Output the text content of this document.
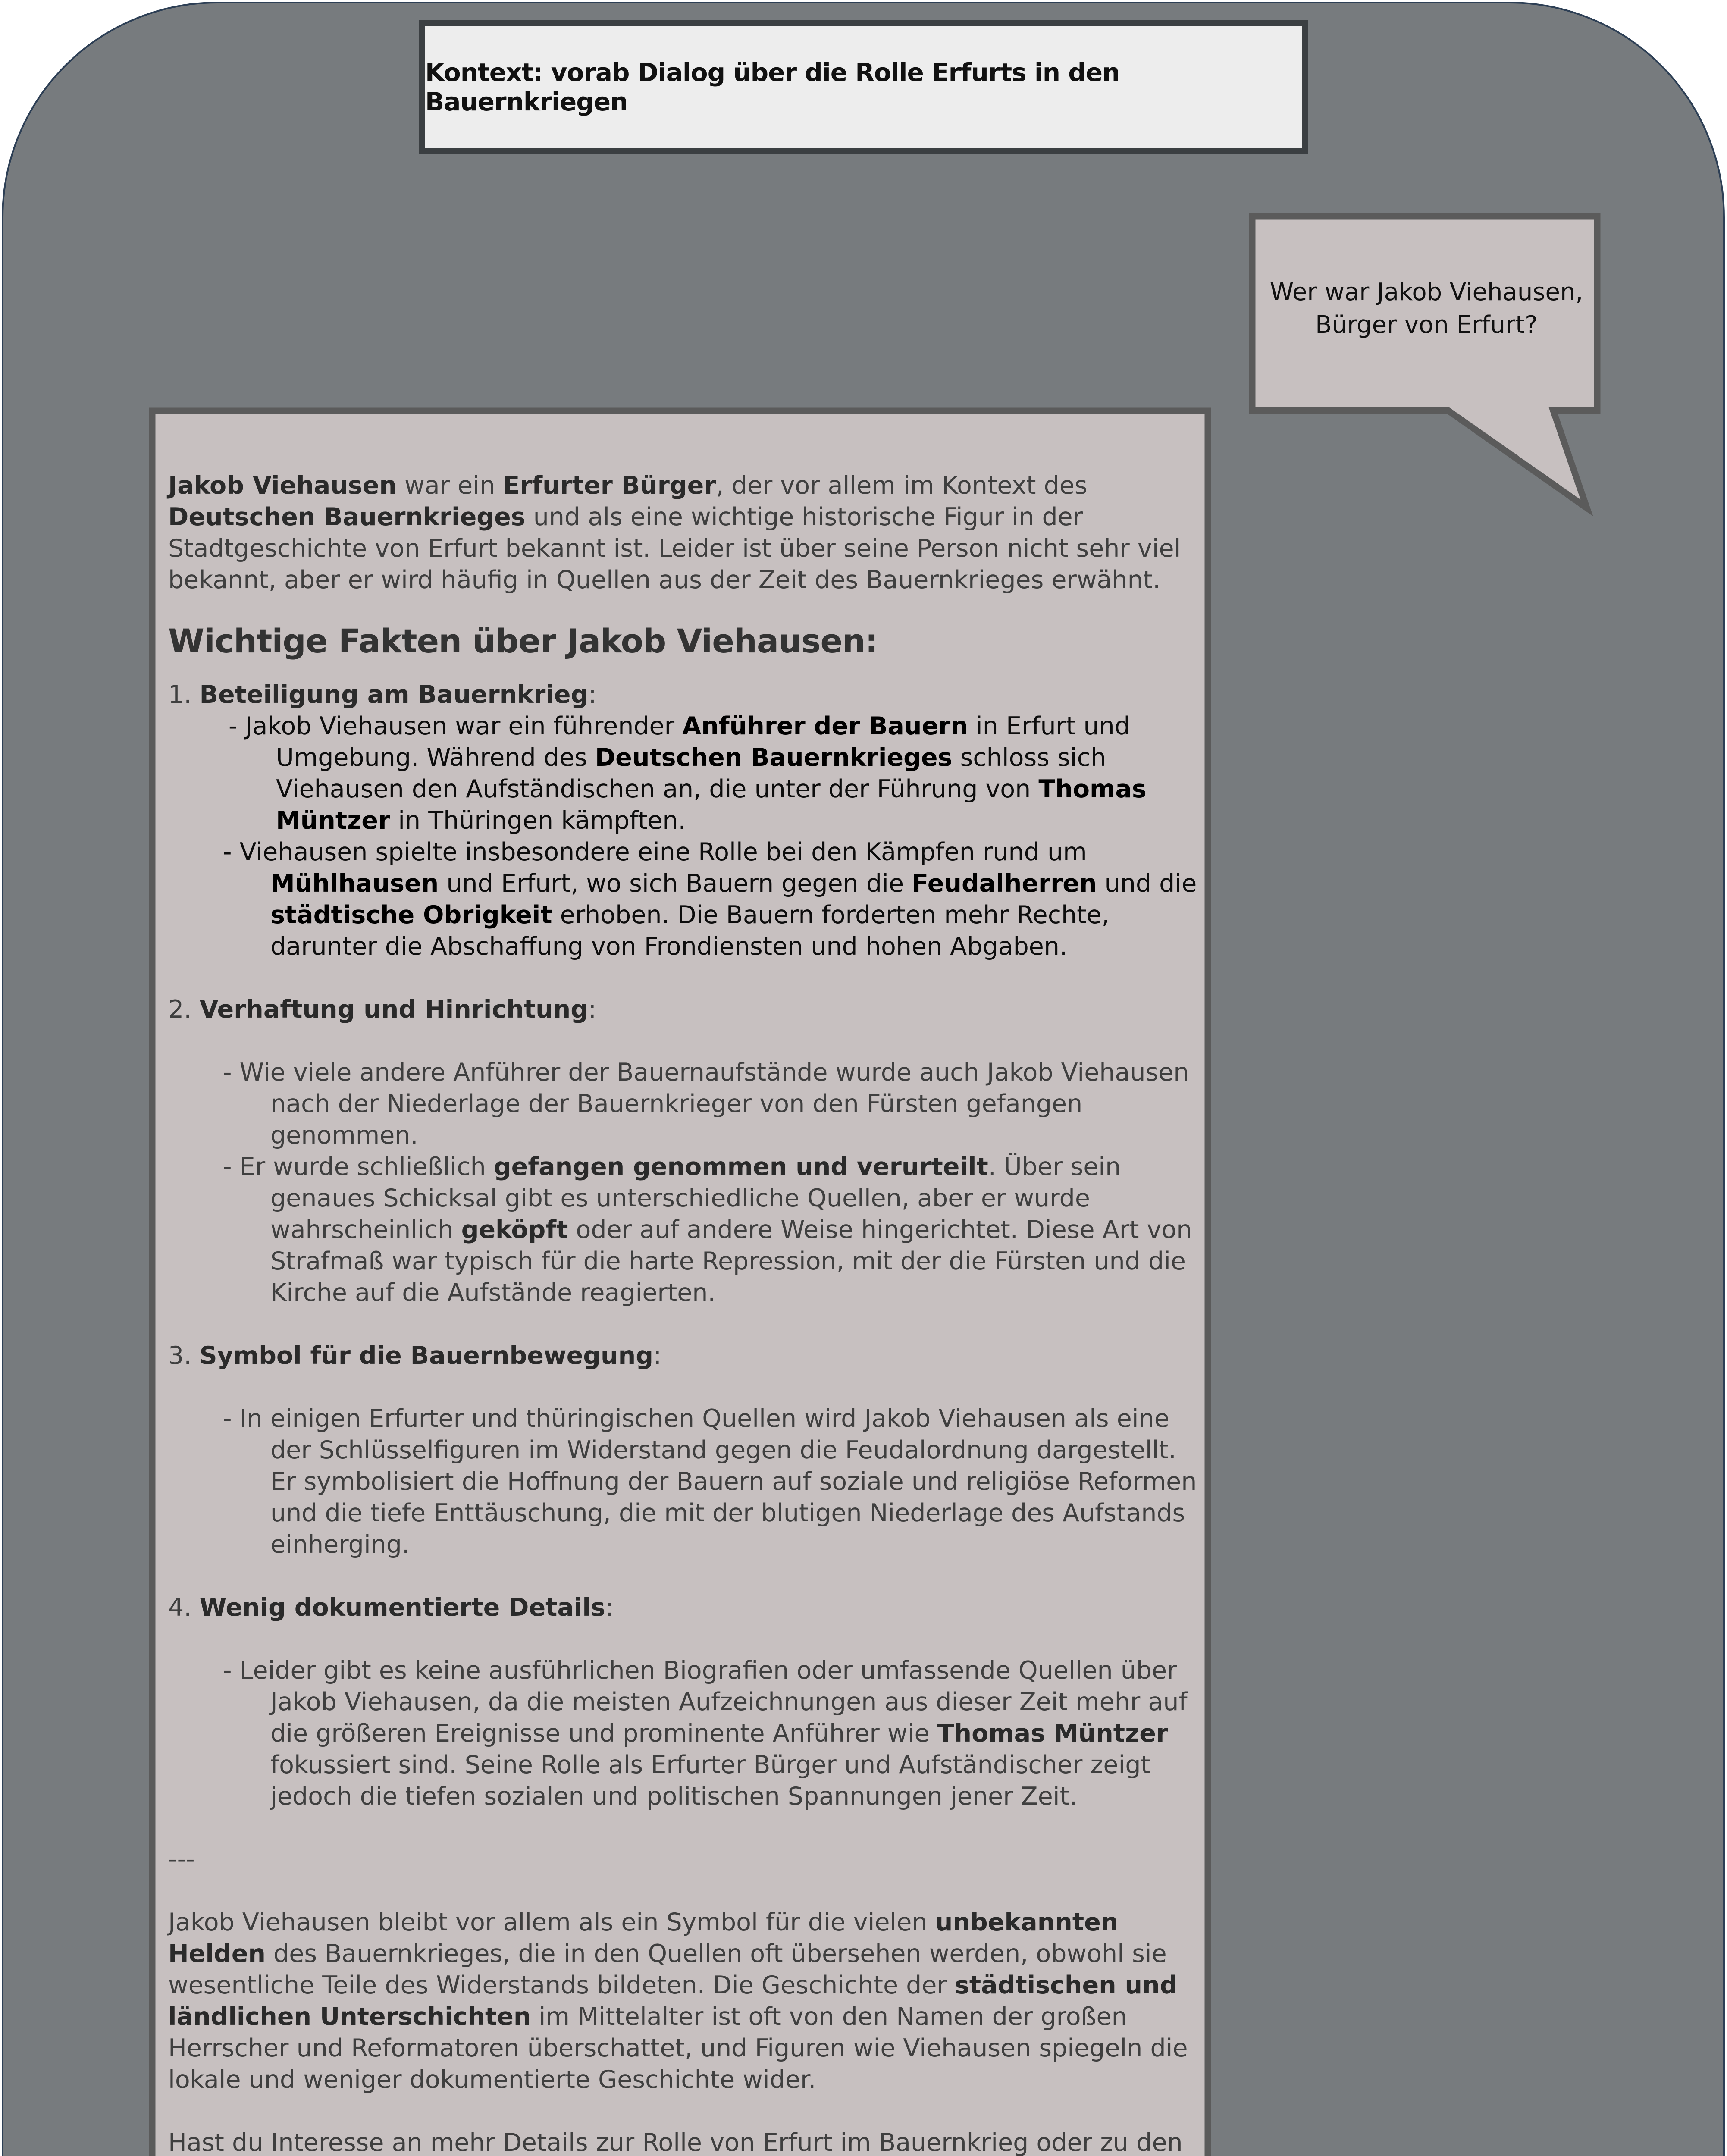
Kontext: vorab Dialog über die Rolle Erfurts in den Bauernkriegen
Wer war Jakob Viehausen,
Bürger von Erfurt?

Jakob Viehausen war ein Erfurter Bürger, der vor allem im Kontext des Deutschen Bauernkrieges und als eine wichtige historische Figur in der Stadtgeschichte von Erfurt bekannt ist. Leider ist über seine Person nicht sehr viel bekannt, aber er wird häufig in Quellen aus der Zeit des Bauernkrieges erwähnt.

Wichtige Fakten über Jakob Viehausen:

1. Beteiligung am Bauernkrieg:

- Jakob Viehausen war ein führender Anführer der Bauern in Erfurt und Umgebung. Während des Deutschen Bauernkrieges schloss sich Viehausen den Aufständischen an, die unter der Führung von Thomas Müntzer in Thüringen kämpften.

- Viehausen spielte insbesondere eine Rolle bei den Kämpfen rund um Mühlhausen und Erfurt, wo sich Bauern gegen die Feudalherren und die städtische Obrigkeit erhoben. Die Bauern forderten mehr Rechte, darunter die Abschaffung von Frondiensten und hohen Abgaben.

2. Verhaftung und Hinrichtung:

- Wie viele andere Anführer der Bauernaufstände wurde auch Jakob Viehausen nach der Niederlage der Bauernkrieger von den Fürsten gefangen genommen.

- Er wurde schließlich gefangen genommen und verurteilt. Über sein genaues Schicksal gibt es unterschiedliche Quellen, aber er wurde wahrscheinlich geköpft oder auf andere Weise hingerichtet. Diese Art von Strafmaß war typisch für die harte Repression, mit der die Fürsten und die Kirche auf die Aufstände reagierten.

3. Symbol für die Bauernbewegung:

- In einigen Erfurter und thüringischen Quellen wird Jakob Viehausen als eine der Schlüsselfiguren im Widerstand gegen die Feudalordnung dargestellt. Er symbolisiert die Hoffnung der Bauern auf soziale und religiöse Reformen und die tiefe Enttäuschung, die mit der blutigen Niederlage des Aufstands einherging.

4. Wenig dokumentierte Details:

- Leider gibt es keine ausführlichen Biografien oder umfassende Quellen über Jakob Viehausen, da die meisten Aufzeichnungen aus dieser Zeit mehr auf die größeren Ereignisse und prominente Anführer wie Thomas Müntzer fokussiert sind. Seine Rolle als Erfurter Bürger und Aufständischer zeigt jedoch die tiefen sozialen und politischen Spannungen jener Zeit.

---

Jakob Viehausen bleibt vor allem als ein Symbol für die vielen unbekannten Helden des Bauernkrieges, die in den Quellen oft übersehen werden, obwohl sie wesentliche Teile des Widerstands bildeten. Die Geschichte der städtischen und ländlichen Unterschichten im Mittelalter ist oft von den Namen der großen Herrscher und Reformatoren überschattet, und Figuren wie Viehausen spiegeln die lokale und weniger dokumentierte Geschichte wider.

Hast du Interesse an mehr Details zur Rolle von Erfurt im Bauernkrieg oder zu den
